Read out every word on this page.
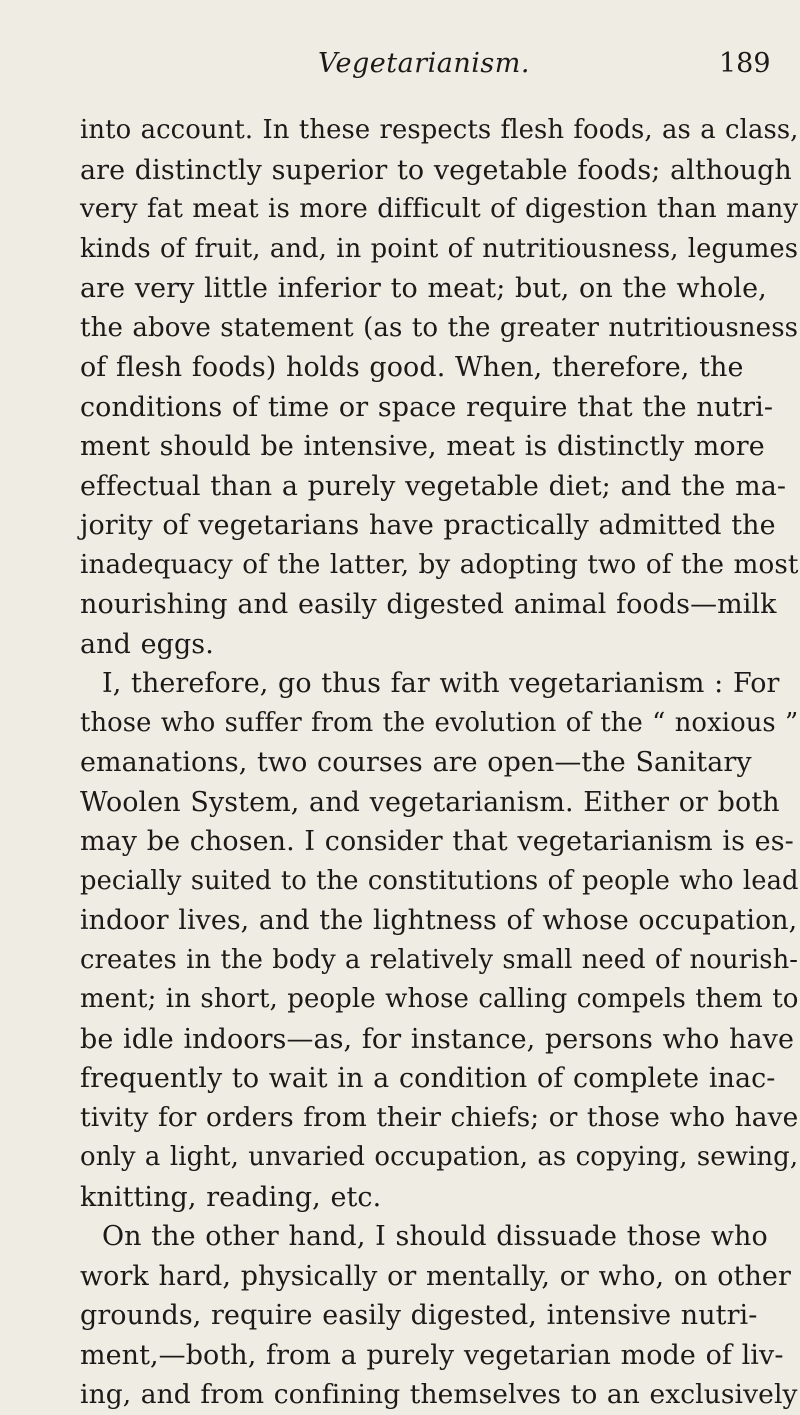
Vegetarianism.	189
into account. In these respects flesh foods, as a class,
are distinctly superior to vegetable foods; although
very fat meat is more difficult of digestion than many
kinds of fruit, and, in point of nutritiousness, legumes
are very little inferior to meat; but, on the whole,
the above statement (as to the greater nutritiousness
of flesh foods) holds good. When, therefore, the
conditions of time or space require that the nutri-
ment should be intensive, meat is distinctly more
effectual than a purely vegetable diet; and the ma-
jority of vegetarians have practically admitted the
inadequacy of the latter, by adopting two of the most
nourishing and easily digested animal foods—milk
and eggs.
I, therefore, go thus far with vegetarianism : For
those who suffer from the evolution of the “ noxious ”
emanations, two courses are open—the Sanitary
Woolen System, and vegetarianism. Either or both
may be chosen. I consider that vegetarianism is es-
pecially suited to the constitutions of people who lead
indoor lives, and the lightness of whose occupation,
creates in the body a relatively small need of nourish-
ment; in short, people whose calling compels them to
be idle indoors—as, for instance, persons who have
frequently to wait in a condition of complete inac-
tivity for orders from their chiefs; or those who have
only a light, unvaried occupation, as copying, sewing,
knitting, reading, etc.
On the other hand, I should dissuade those who
work hard, physically or mentally, or who, on other
grounds, require easily digested, intensive nutri-
ment,—both, from a purely vegetarian mode of liv-
ing, and from confining themselves to an exclusively
